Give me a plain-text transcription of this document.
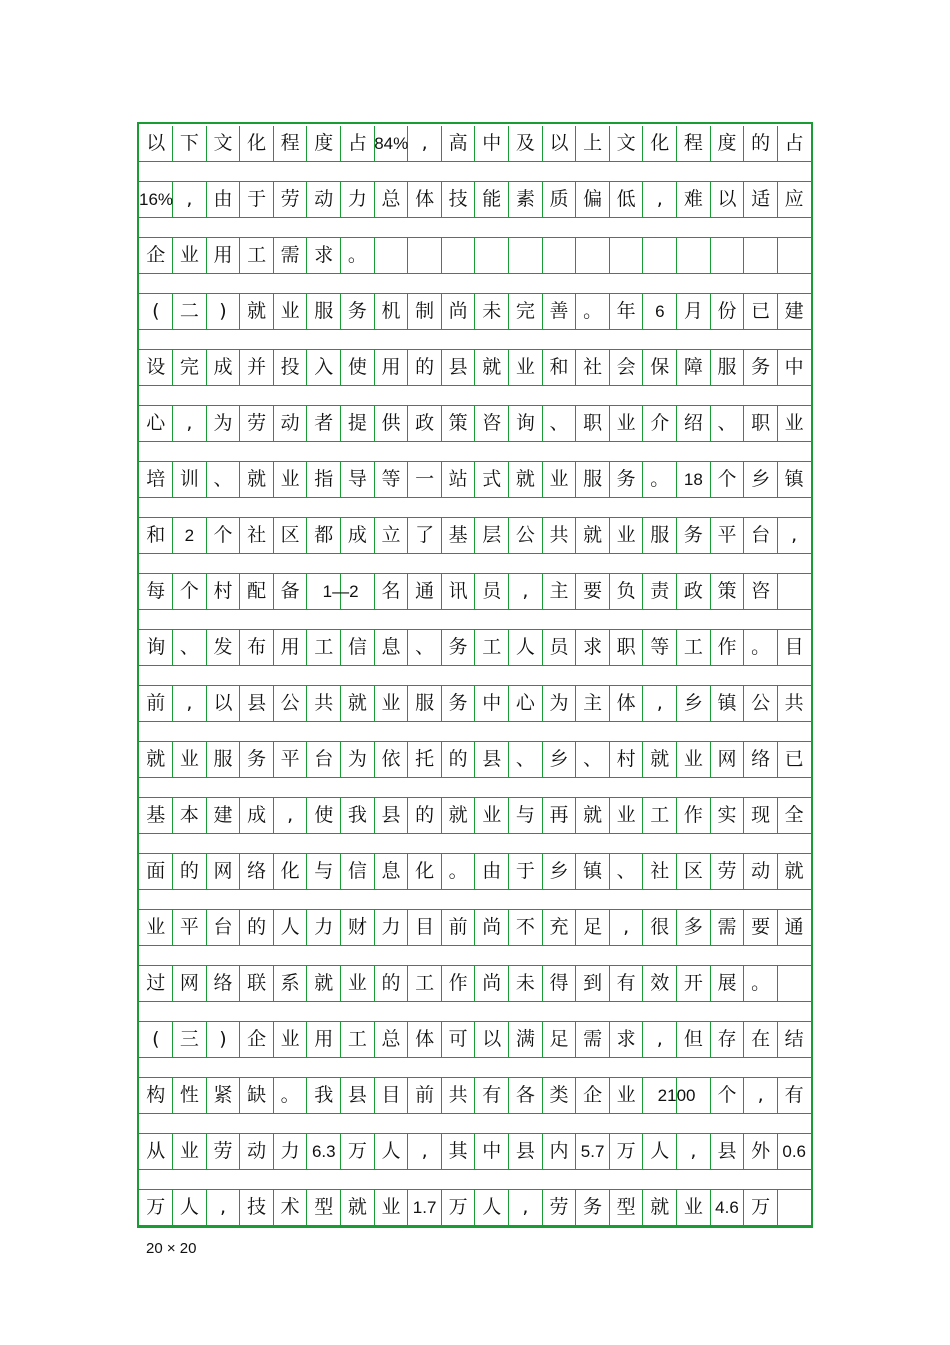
以 下 文 化 程 度 占 84% ,	高 中 及 以 上 文 化 程 度 的 占
16% ,	由 于 劳 动 力 总 体 技 能 素 质 偏 低	,	难 以 适 应
企 业 用 工 需 求 。
(	二	)	就 业 服 务 机 制 尚 未 完 善 。 年	6	月 份 已 建
设 完 成 并 投 入 使 用 的 县 就 业 和 社 会 保 障 服 务 中
心	,	为 劳 动 者 提 供 政 策 咨 询 、 职 业 介 绍 、 职 业
培 训 、 就 业 指 导 等 一 站 式 就 业 服 务 。 18 个 乡 镇
和	2	个 社 区 都 成 立 了 基 层 公 共 就 业 服 务 平 台	,
每 个 村 配 备	1—2	名 通 讯 员	,	主 要 负 责 政 策 咨
询 、 发 布 用 工 信 息 、 务 工 人 员 求 职 等 工 作 。 目
前	,	以 县 公 共 就 业 服 务 中 心 为 主 体	,	乡 镇 公 共
就 业 服 务 平 台 为 依 托 的 县 、 乡 、 村 就 业 网 络 已
基 本 建 成	,	使 我 县 的 就 业 与 再 就 业 工 作 实 现 全
面 的 网 络 化 与 信 息 化 。 由 于 乡 镇 、 社 区 劳 动 就
业 平 台 的 人 力 财 力 目 前 尚 不 充 足	,	很 多 需 要 通
过 网 络 联 系 就 业 的 工 作 尚 未 得 到 有 效 开 展 。
(	三	)	企 业 用 工 总 体 可 以 满 足 需 求	,	但 存 在 结
构 性 紧 缺 。 我 县 目 前 共 有 各 类 企 业	2100	个	,	有
从 业 劳 动 力 6.3 万 人	,	其 中 县 内 5.7 万 人	,	县 外 0.6
万 人	,	技 术 型 就 业 1.7 万 人	,	劳 务 型 就 业 4.6 万
20 × 20
